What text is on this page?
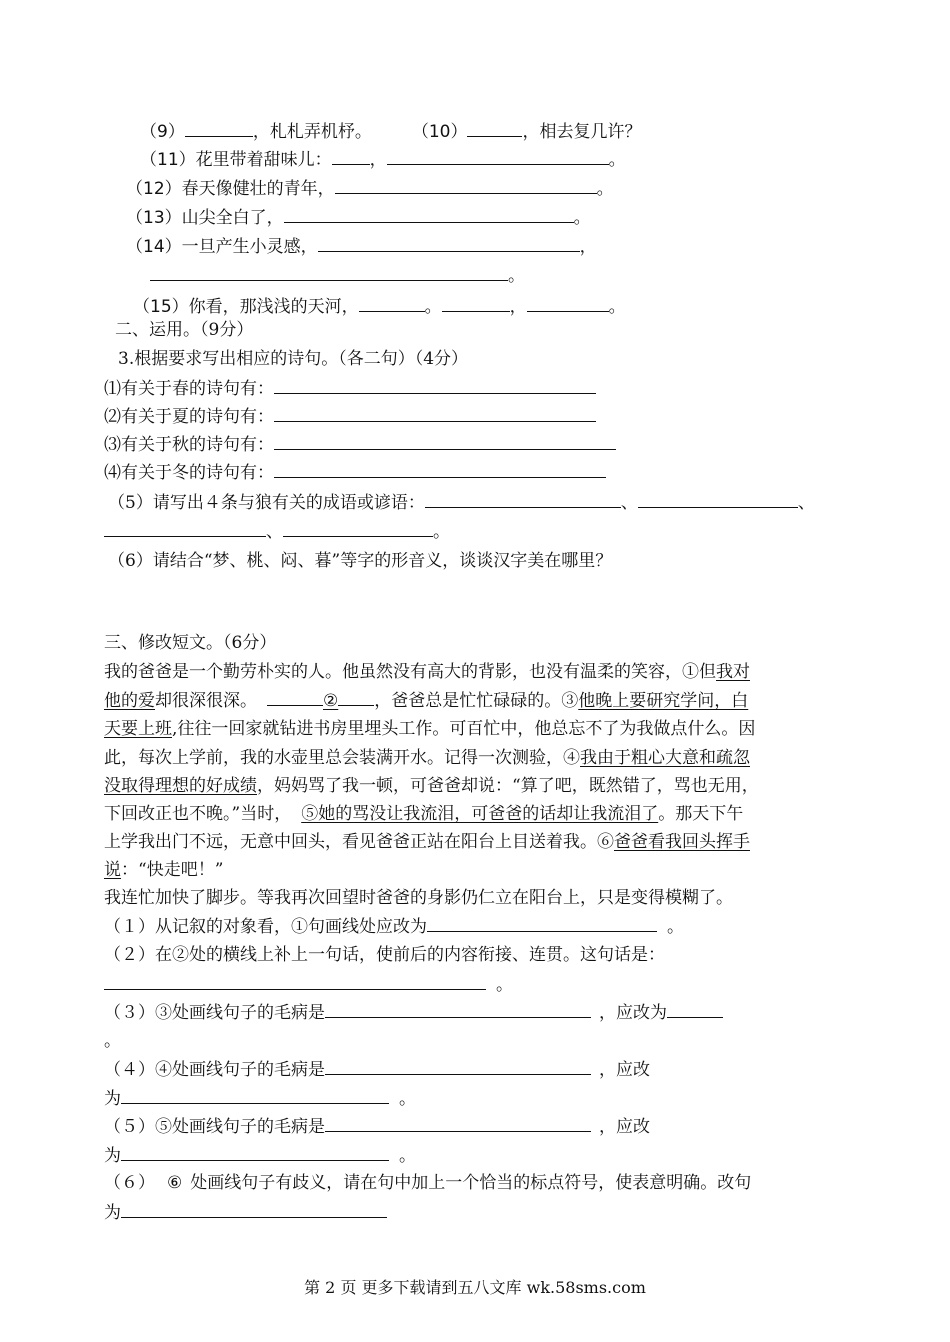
（9）	，札札弄机杼。 （10）	，相去复几许？
（11）花里带着甜味儿： ，	。
（12）春天像健壮的青年，	。
（13）山尖全白了，	。
（14）一旦产生小灵感，	，
。
（15）你看，那浅浅的天河，	。	，	。
二、运用。（9分）
3.根据要求写出相应的诗句。（各二句）（4分）
⑴有关于春的诗句有：
⑵有关于夏的诗句有：
⑶有关于秋的诗句有：
⑷有关于冬的诗句有：
（5）请写出４条与狼有关的成语或谚语：	、	、
、	。
（6）请结合“梦、桃、闷、暮”等字的形音义，谈谈汉字美在哪里？
三、修改短文。（6分）
我的爸爸是一个勤劳朴实的人。他虽然没有高大的背影，也没有温柔的笑容，①但我对
他的爱却很深很深。	② ，爸爸总是忙忙碌碌的。③他晚上要研究学问，白
天要上班,往往一回家就钻进书房里埋头工作。可百忙中，他总忘不了为我做点什么。因
此，每次上学前，我的水壶里总会装满开水。记得一次测验，④我由于粗心大意和疏忽
没取得理想的好成绩，妈妈骂了我一顿，可爸爸却说：“算了吧，既然错了，骂也无用，
下回改正也不晚。”当时， ⑤她的骂没让我流泪，可爸爸的话却让我流泪了。那天下午
上学我出门不远，无意中回头，看见爸爸正站在阳台上目送着我。⑥爸爸看我回头挥手
说：“快走吧！”
我连忙加快了脚步。等我再次回望时爸爸的身影仍仁立在阳台上，只是变得模糊了。
（１）从记叙的对象看，①句画线处应改为	。
（２）在②处的横线上补上一句话，使前后的内容衔接、连贯。这句话是：
。
（３）③处画线句子的毛病是	，应改为
。
（４）④处画线句子的毛病是	，应改
为	。
（５）⑤处画线句子的毛病是	，应改
为	。
（６） ⑥ 处画线句子有歧义，请在句中加上一个恰当的标点符号，使表意明确。改句
为
第 2 页 更多下载请到五八文库 wk.58sms.com
